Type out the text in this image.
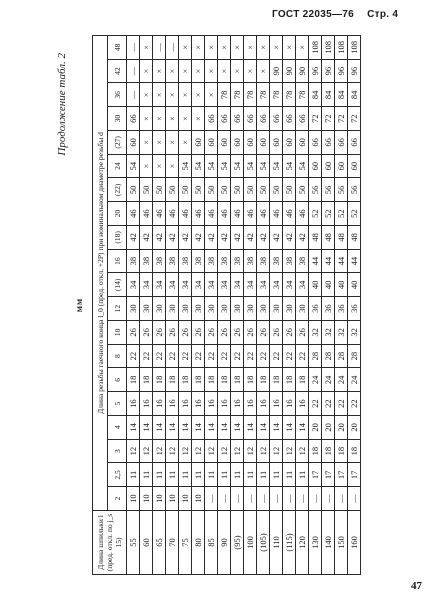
ГОСТ 22035—76 Стр. 4
Продолжение табл. 2
мм
Длина шпильки l (пред. откл. по j_s 15)	Длина резьбы гаечного конца l_0 (пред. откл. +2P) при номинальном диаметре резьбы d																			
	2	2,5	3	4	5	6	8	10	12	(14)	16	(18)	20	(22)	24	(27)	30	36	42	48
55	10	11	12	14	16	18	22	26	30	34	38	42	46	50	54	60	66	—	—	—
60	10	11	12	14	16	18	22	26	30	34	38	42	46	50	×	×	×	×	×	×
65	10	11	12	14	16	18	22	26	30	34	38	42	46	50	×	×	×	×	×	—
70	10	11	12	14	16	18	22	26	30	34	38	42	46	50	×	×	×	×	×	—
75	10	11	12	14	16	18	22	26	30	34	38	42	46	50	54	×	×	×	×	×
80	10	11	12	14	16	18	22	26	30	34	38	42	46	50	54	60	×	×	×	×
85	—	11	12	14	16	18	22	26	30	34	38	42	46	50	54	60	66	×	×	×
90	—	11	12	14	16	18	22	26	30	34	38	42	46	50	54	60	66	78	×	×
(95)	—	11	12	14	16	18	22	26	30	34	38	42	46	50	54	60	66	78	×	×
100	—	11	12	14	16	18	22	26	30	34	38	42	46	50	54	60	66	78	×	×
(105)	—	11	12	14	16	18	22	26	30	34	38	42	46	50	54	60	66	78	×	×
110	—	11	12	14	16	18	22	26	30	34	38	42	46	50	54	60	66	78	90	×
(115)	—	11	12	14	16	18	22	26	30	34	38	42	46	50	54	60	66	78	90	×
120	—	11	12	14	16	18	22	26	30	34	38	42	46	50	54	60	66	78	90	×
130	—	17	18	20	22	24	28	32	36	40	44	48	52	56	60	66	72	84	96	108
140	—	17	18	20	22	24	28	32	36	40	44	48	52	56	60	66	72	84	96	108
150	—	17	18	20	22	24	28	32	36	40	44	48	52	56	60	66	72	84	96	108
160	—	17	18	20	22	24	28	32	36	40	44	48	52	56	60	66	72	84	96	108
47
